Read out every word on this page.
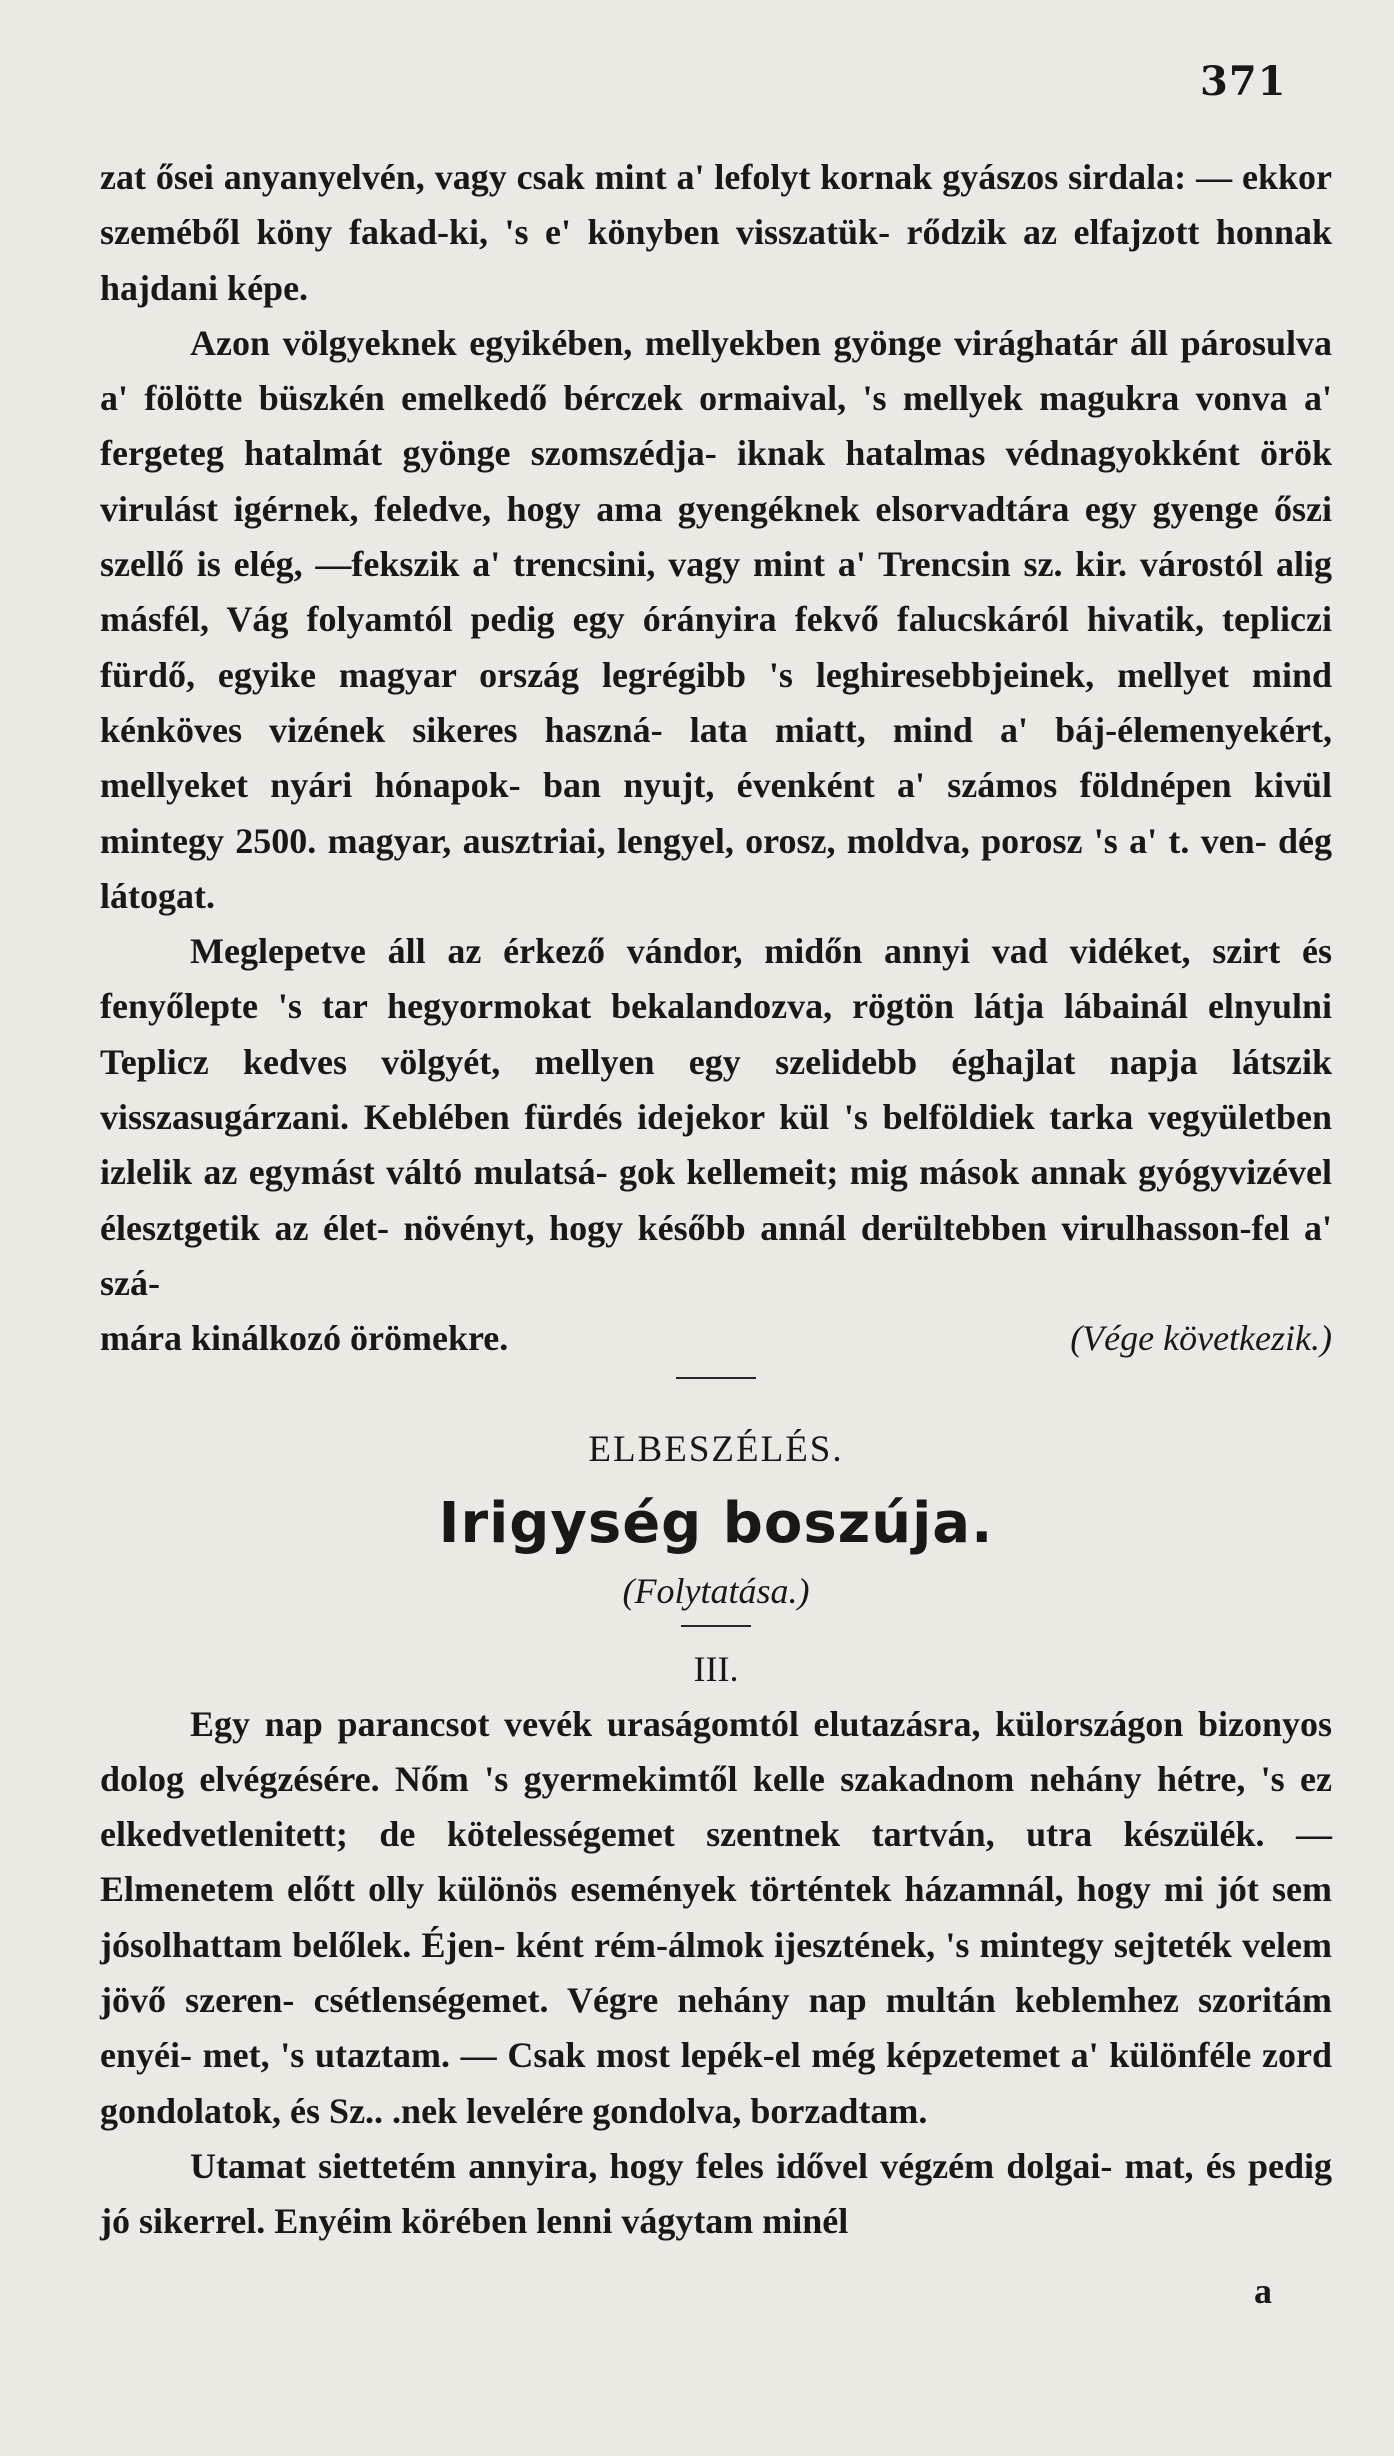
371

zat ősei anyanyelvén, vagy csak mint a' lefolyt kornak gyászos sirdala: — ekkor szeméből köny fakad-ki, 's e' könyben visszatük- rődzik az elfajzott honnak hajdani képe.

Azon völgyeknek egyikében, mellyekben gyönge virághatár áll párosulva a' fölötte büszkén emelkedő bérczek ormaival, 's mellyek magukra vonva a' fergeteg hatalmát gyönge szomszédja- iknak hatalmas védnagyokként örök virulást igérnek, feledve, hogy ama gyengéknek elsorvadtára egy gyenge őszi szellő is elég, —fekszik a' trencsini, vagy mint a' Trencsin sz. kir. várostól alig másfél, Vág folyamtól pedig egy órányira fekvő falucskáról hivatik, tepliczi fürdő, egyike magyar ország legrégibb 's leghiresebbjeinek, mellyet mind kénköves vizének sikeres haszná- lata miatt, mind a' báj-élemenyekért, mellyeket nyári hónapok- ban nyujt, évenként a' számos földnépen kivül mintegy 2500. magyar, ausztriai, lengyel, orosz, moldva, porosz 's a' t. ven- dég látogat.

Meglepetve áll az érkező vándor, midőn annyi vad vidéket, szirt és fenyőlepte 's tar hegyormokat bekalandozva, rögtön látja lábainál elnyulni Teplicz kedves völgyét, mellyen egy szelidebb éghajlat napja látszik visszasugárzani. Keblében fürdés idejekor kül 's belföldiek tarka vegyületben izlelik az egymást váltó mulatsá- gok kellemeit; mig mások annak gyógyvizével élesztgetik az élet- növényt, hogy később annál derültebben virulhasson-fel a' szá-

mára kinálkozó örömekre.	(Vége következik.)
ELBESZÉLÉS.
Irigység boszúja.
(Folytatása.)
III.

Egy nap parancsot vevék uraságomtól elutazásra, külországon bizonyos dolog elvégzésére. Nőm 's gyermekimtől kelle szakadnom nehány hétre, 's ez elkedvetlenitett; de kötelességemet szentnek tartván, utra készülék. — Elmenetem előtt olly különös események történtek házamnál, hogy mi jót sem jósolhattam belőlek. Éjen- ként rém-álmok ijesztének, 's mintegy sejteték velem jövő szeren- csétlenségemet. Végre nehány nap multán keblemhez szoritám enyéi- met, 's utaztam. — Csak most lepék-el még képzetemet a' különféle zord gondolatok, és Sz.. .nek levelére gondolva, borzadtam.

Utamat siettetém annyira, hogy feles idővel végzém dolgai- mat, és pedig jó sikerrel. Enyéim körében lenni vágytam minél

a
